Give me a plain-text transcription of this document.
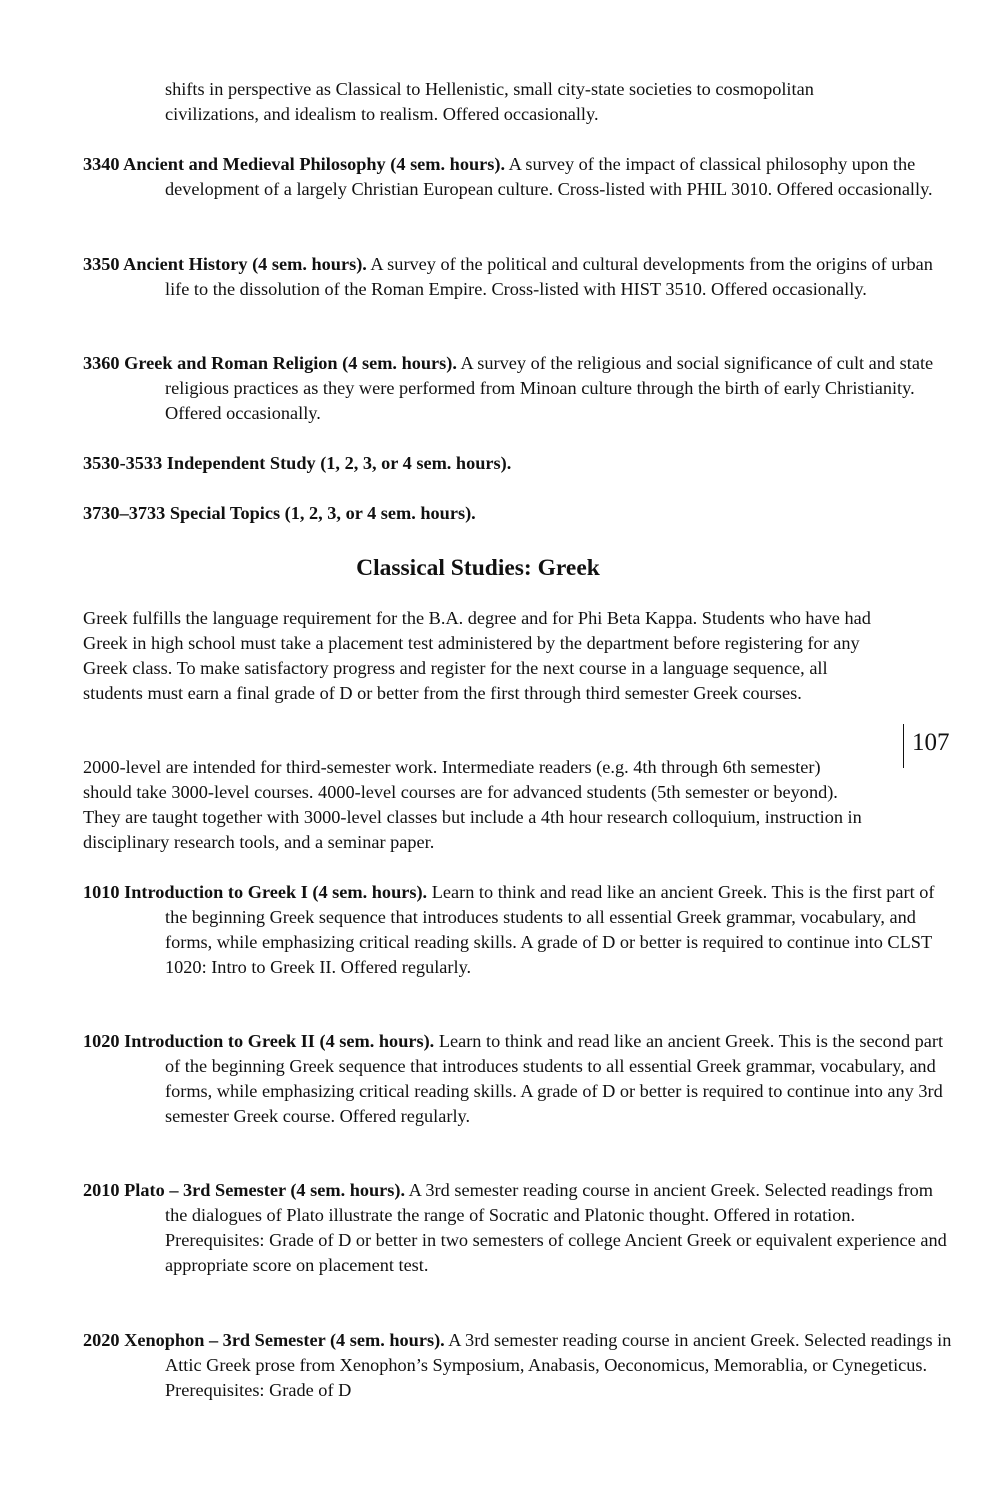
shifts in perspective as Classical to Hellenistic, small city-state societies to cosmopolitan civilizations, and idealism to realism. Offered occasionally.
3340 Ancient and Medieval Philosophy (4 sem. hours). A survey of the impact of classical philosophy upon the development of a largely Christian European culture. Cross-listed with PHIL 3010. Offered occasionally.
3350 Ancient History (4 sem. hours). A survey of the political and cultural developments from the origins of urban life to the dissolution of the Roman Empire. Cross-listed with HIST 3510. Offered occasionally.
3360 Greek and Roman Religion (4 sem. hours). A survey of the religious and social significance of cult and state religious practices as they were performed from Minoan culture through the birth of early Christianity. Offered occasionally.
3530-3533 Independent Study (1, 2, 3, or 4 sem. hours).
3730–3733 Special Topics (1, 2, 3, or 4 sem. hours).
Classical Studies: Greek
Greek fulfills the language requirement for the B.A. degree and for Phi Beta Kappa. Students who have had Greek in high school must take a placement test administered by the department before registering for any Greek class. To make satisfactory progress and register for the next course in a language sequence, all students must earn a final grade of D or better from the first through third semester Greek courses.
2000-level are intended for third-semester work. Intermediate readers (e.g. 4th through 6th semester) should take 3000-level courses. 4000-level courses are for advanced students (5th semester or beyond). They are taught together with 3000-level classes but include a 4th hour research colloquium, instruction in disciplinary research tools, and a seminar paper.
1010 Introduction to Greek I (4 sem. hours). Learn to think and read like an ancient Greek. This is the first part of the beginning Greek sequence that introduces students to all essential Greek grammar, vocabulary, and forms, while emphasizing critical reading skills. A grade of D or better is required to continue into CLST 1020: Intro to Greek II. Offered regularly.
1020 Introduction to Greek II (4 sem. hours). Learn to think and read like an ancient Greek. This is the second part of the beginning Greek sequence that introduces students to all essential Greek grammar, vocabulary, and forms, while emphasizing critical reading skills. A grade of D or better is required to continue into any 3rd semester Greek course. Offered regularly.
2010 Plato – 3rd Semester (4 sem. hours). A 3rd semester reading course in ancient Greek. Selected readings from the dialogues of Plato illustrate the range of Socratic and Platonic thought. Offered in rotation. Prerequisites: Grade of D or better in two semesters of college Ancient Greek or equivalent experience and appropriate score on placement test.
2020 Xenophon – 3rd Semester (4 sem. hours). A 3rd semester reading course in ancient Greek. Selected readings in Attic Greek prose from Xenophon’s Symposium, Anabasis, Oeconomicus, Memorablia, or Cynegeticus. Prerequisites: Grade of D
107
